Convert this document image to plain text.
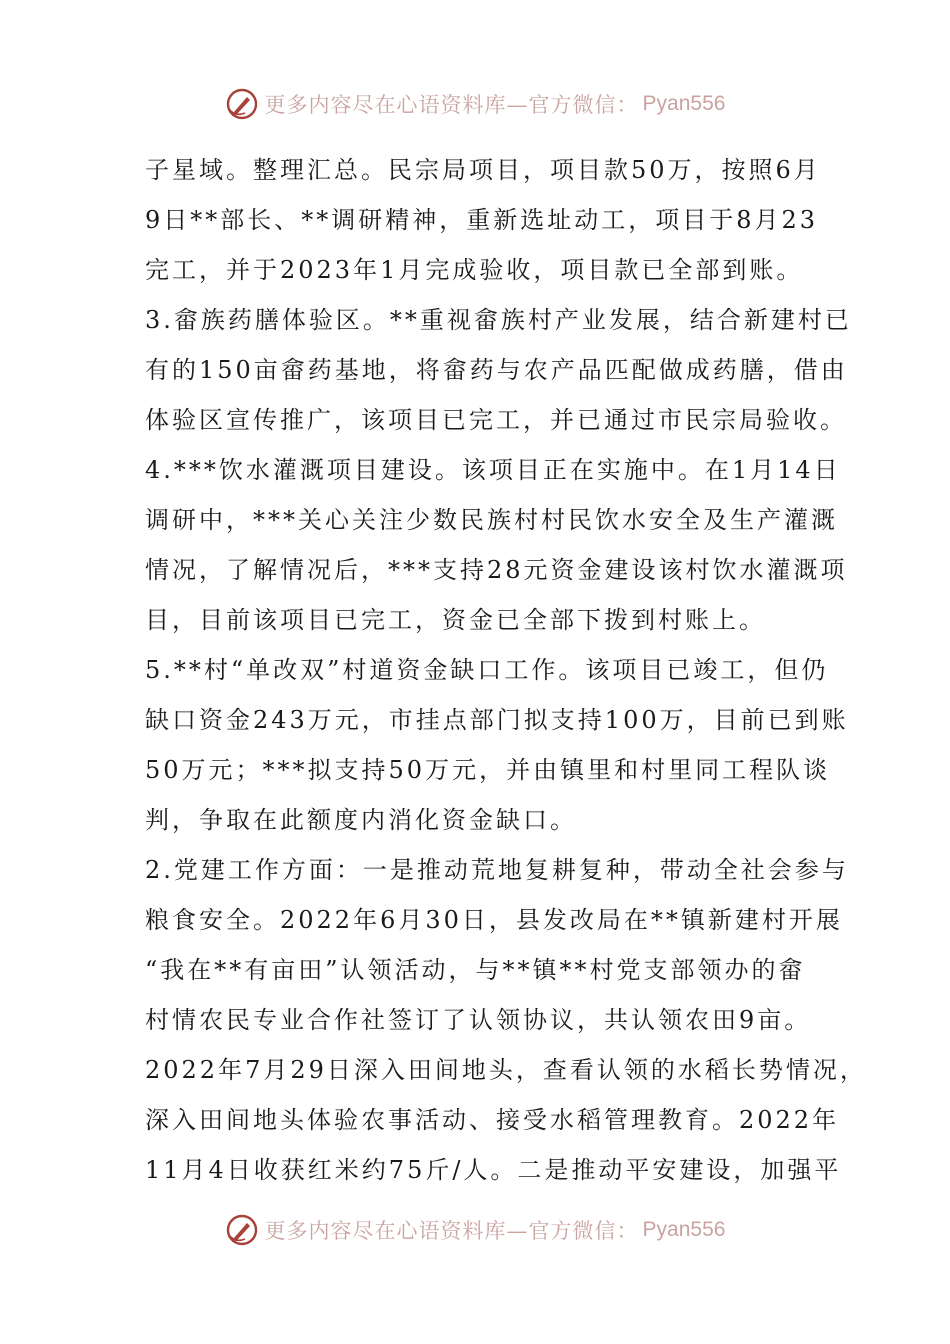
更多内容尽在心语资料库—官方微信： Pyan556
子星域。整理汇总。民宗局项目，项目款50万，按照6月
9日**部长、**调研精神，重新选址动工，项目于8月23
完工，并于2023年1月完成验收，项目款已全部到账。
3.畲族药膳体验区。**重视畲族村产业发展，结合新建村已
有的150亩畲药基地，将畲药与农产品匹配做成药膳，借由
体验区宣传推广，该项目已完工，并已通过市民宗局验收。
4.***饮水灌溉项目建设。该项目正在实施中。在1月14日
调研中，***关心关注少数民族村村民饮水安全及生产灌溉
情况，了解情况后，***支持28元资金建设该村饮水灌溉项
目，目前该项目已完工，资金已全部下拨到村账上。
5.**村“单改双”村道资金缺口工作。该项目已竣工，但仍
缺口资金243万元，市挂点部门拟支持100万，目前已到账
50万元；***拟支持50万元，并由镇里和村里同工程队谈
判，争取在此额度内消化资金缺口。
2.党建工作方面：一是推动荒地复耕复种，带动全社会参与
粮食安全。2022年6月30日，县发改局在**镇新建村开展
“我在**有亩田”认领活动，与**镇**村党支部领办的畲
村情农民专业合作社签订了认领协议，共认领农田9亩。
2022年7月29日深入田间地头，查看认领的水稻长势情况，
深入田间地头体验农事活动、接受水稻管理教育。2022年
11月4日收获红米约75斤/人。二是推动平安建设，加强平
更多内容尽在心语资料库—官方微信： Pyan556
